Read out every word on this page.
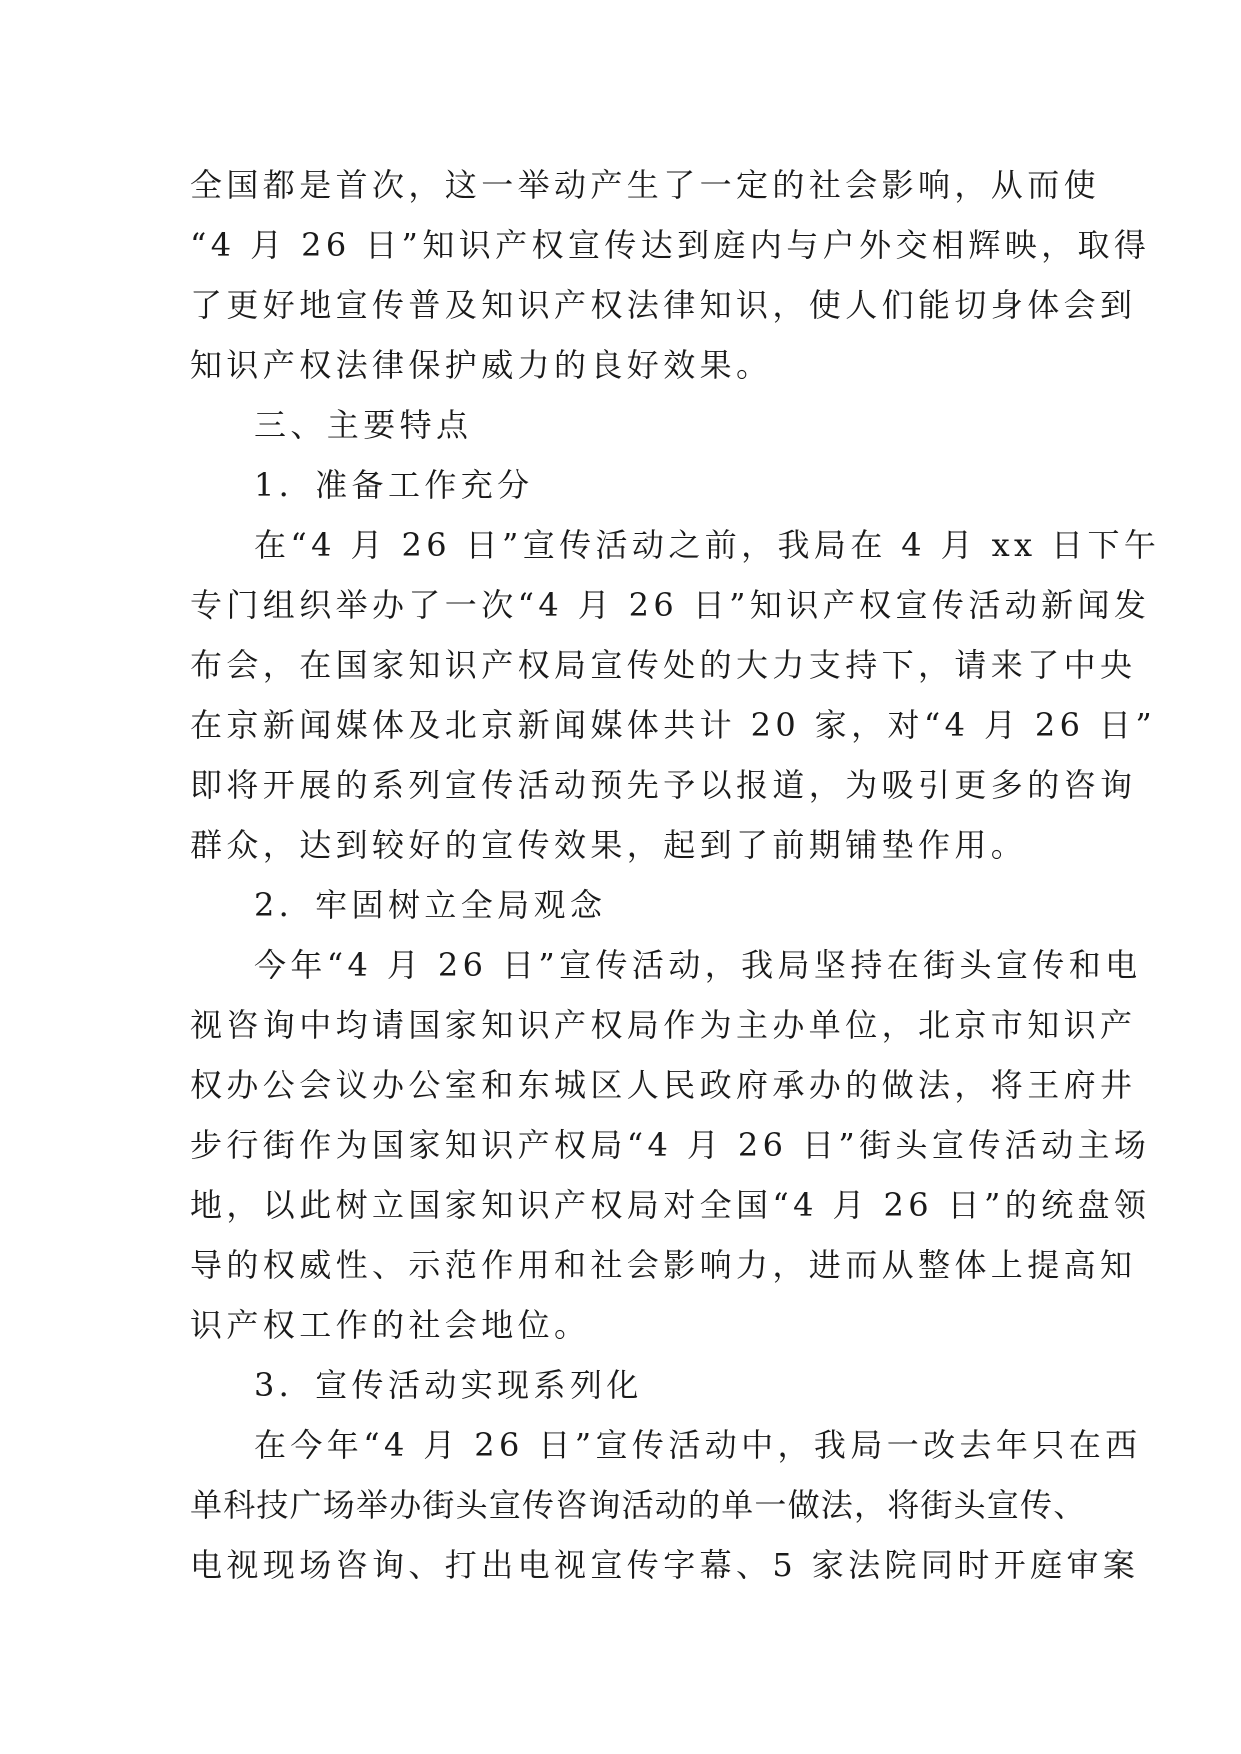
全国都是首次，这一举动产生了一定的社会影响，从而使
“4 月 26 日”知识产权宣传达到庭内与户外交相辉映，取得
了更好地宣传普及知识产权法律知识，使人们能切身体会到
知识产权法律保护威力的良好效果。
三、主要特点
1．准备工作充分
在“4 月 26 日”宣传活动之前，我局在 4 月 xx 日下午
专门组织举办了一次“4 月 26 日”知识产权宣传活动新闻发
布会，在国家知识产权局宣传处的大力支持下，请来了中央
在京新闻媒体及北京新闻媒体共计 20 家，对“4 月 26 日”
即将开展的系列宣传活动预先予以报道，为吸引更多的咨询
群众，达到较好的宣传效果，起到了前期铺垫作用。
2．牢固树立全局观念
今年“4 月 26 日”宣传活动，我局坚持在街头宣传和电
视咨询中均请国家知识产权局作为主办单位，北京市知识产
权办公会议办公室和东城区人民政府承办的做法，将王府井
步行街作为国家知识产权局“4 月 26 日”街头宣传活动主场
地，以此树立国家知识产权局对全国“4 月 26 日”的统盘领
导的权威性、示范作用和社会影响力，进而从整体上提高知
识产权工作的社会地位。
3．宣传活动实现系列化
在今年“4 月 26 日”宣传活动中，我局一改去年只在西
单科技广场举办街头宣传咨询活动的单一做法，将街头宣传、
电视现场咨询、打出电视宣传字幕、5 家法院同时开庭审案
